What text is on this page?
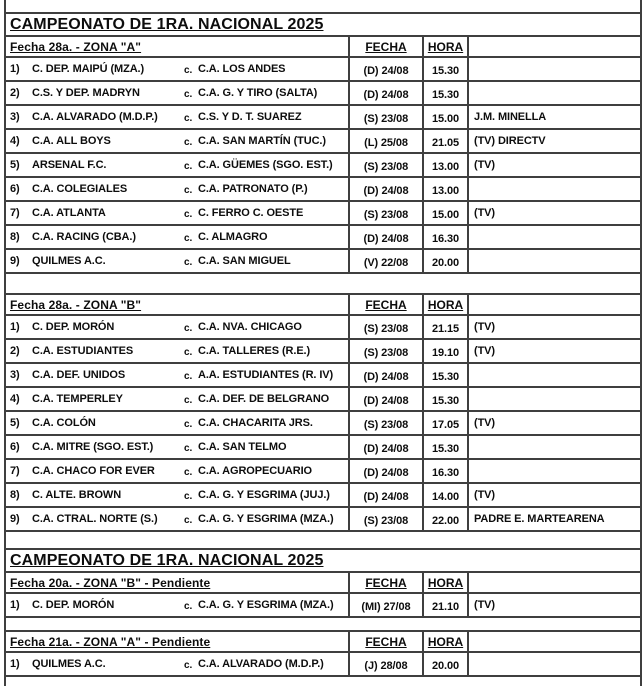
CAMPEONATO DE 1RA. NACIONAL 2025
Fecha 28a. - ZONA "A"	FECHA HORA
1)	C. DEP. MAIPÚ (MZA.)	c. C.A. LOS ANDES	(D) 24/08 15.30
2)	C.S. Y DEP. MADRYN	c. C.A. G. Y TIRO (SALTA)	(D) 24/08 15.30
3)	C.A. ALVARADO (M.D.P.)	c. C.S. Y D. T. SUAREZ	(S) 23/08 15.00 J.M. MINELLA
4)	C.A. ALL BOYS	c. C.A. SAN MARTÍN (TUC.)	(L) 25/08 21.05 (TV) DIRECTV
5)	ARSENAL F.C.	c. C.A. GÜEMES (SGO. EST.)	(S) 23/08 13.00 (TV)
6)	C.A. COLEGIALES	c. C.A. PATRONATO (P.)	(D) 24/08 13.00
7)	C.A. ATLANTA	c. C. FERRO C. OESTE	(S) 23/08 15.00 (TV)
8)	C.A. RACING (CBA.)	c. C. ALMAGRO	(D) 24/08 16.30
9)	QUILMES A.C.	c. C.A. SAN MIGUEL	(V) 22/08 20.00
Fecha 28a. - ZONA "B"	FECHA HORA
1)	C. DEP. MORÓN	c. C.A. NVA. CHICAGO	(S) 23/08 21.15 (TV)
2)	C.A. ESTUDIANTES	c. C.A. TALLERES (R.E.)	(S) 23/08 19.10 (TV)
3)	C.A. DEF. UNIDOS	c. A.A. ESTUDIANTES (R. IV)	(D) 24/08 15.30
4)	C.A. TEMPERLEY	c. C.A. DEF. DE BELGRANO	(D) 24/08 15.30
5)	C.A. COLÓN	c. C.A. CHACARITA JRS.	(S) 23/08 17.05 (TV)
6)	C.A. MITRE (SGO. EST.)	c. C.A. SAN TELMO	(D) 24/08 15.30
7)	C.A. CHACO FOR EVER	c. C.A. AGROPECUARIO	(D) 24/08 16.30
8)	C. ALTE. BROWN	c. C.A. G. Y ESGRIMA (JUJ.)	(D) 24/08 14.00 (TV)
9)	C.A. CTRAL. NORTE (S.)	c. C.A. G. Y ESGRIMA (MZA.)	(S) 23/08 22.00 PADRE E. MARTEARENA
CAMPEONATO DE 1RA. NACIONAL 2025
Fecha 20a. - ZONA "B" - Pendiente	FECHA HORA
1)	C. DEP. MORÓN	c. C.A. G. Y ESGRIMA (MZA.)	(MI) 27/08 21.10 (TV)
Fecha 21a. - ZONA "A" - Pendiente	FECHA HORA
1)	QUILMES A.C.	c. C.A. ALVARADO (M.D.P.)	(J) 28/08 20.00
